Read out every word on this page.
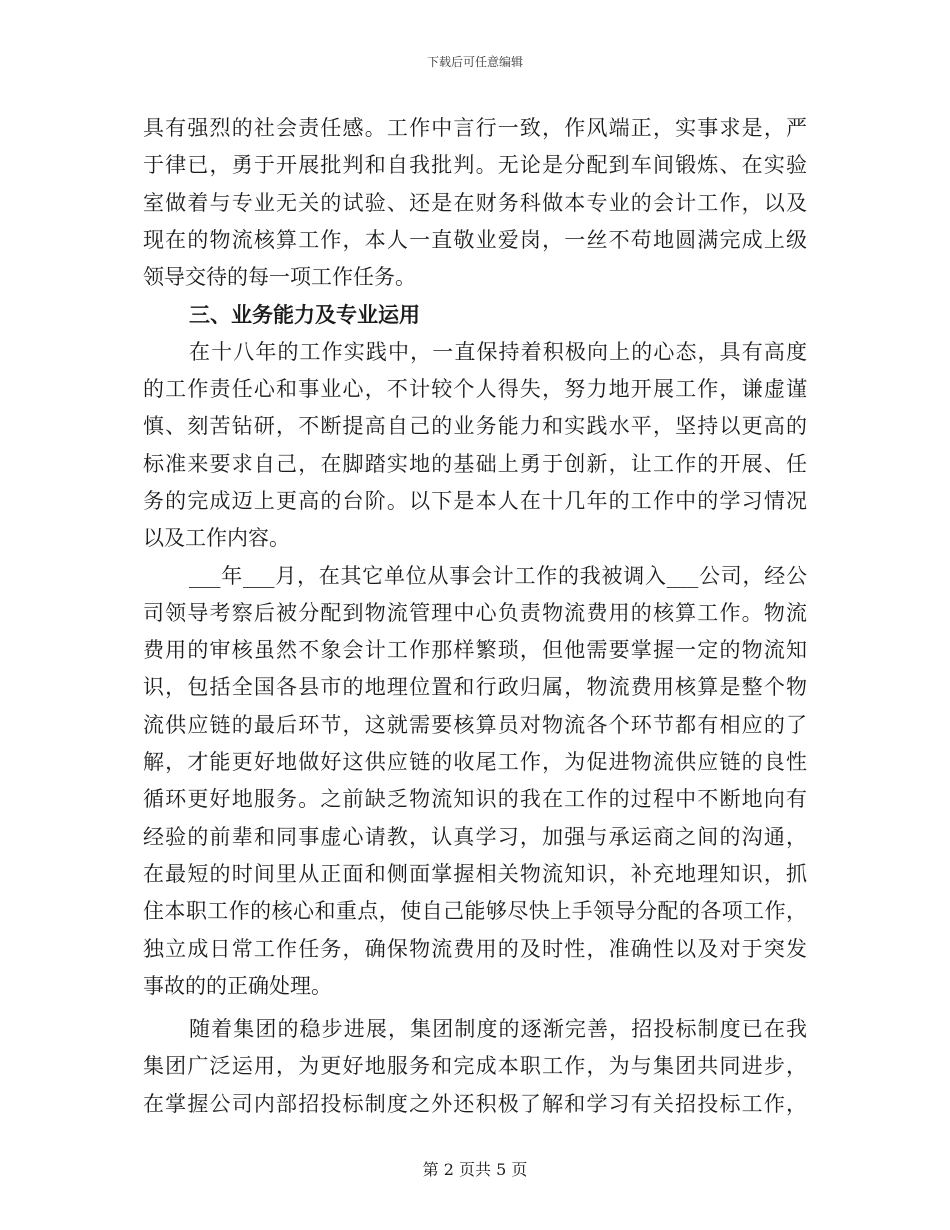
下载后可任意编辑
具有强烈的社会责任感。工作中言行一致，作风端正，实事求是，严
于律已，勇于开展批判和自我批判。无论是分配到车间锻炼、在实验
室做着与专业无关的试验、还是在财务科做本专业的会计工作，以及
现在的物流核算工作，本人一直敬业爱岗，一丝不苟地圆满完成上级
领导交待的每一项工作任务。
三、业务能力及专业运用
在十八年的工作实践中，一直保持着积极向上的心态，具有高度
的工作责任心和事业心，不计较个人得失，努力地开展工作，谦虚谨
慎、刻苦钻研，不断提高自己的业务能力和实践水平，坚持以更高的
标准来要求自己，在脚踏实地的基础上勇于创新，让工作的开展、任
务的完成迈上更高的台阶。以下是本人在十几年的工作中的学习情况
以及工作内容。
___年___月，在其它单位从事会计工作的我被调入___公司，经公
司领导考察后被分配到物流管理中心负责物流费用的核算工作。物流
费用的审核虽然不象会计工作那样繁琐，但他需要掌握一定的物流知
识，包括全国各县市的地理位置和行政归属，物流费用核算是整个物
流供应链的最后环节，这就需要核算员对物流各个环节都有相应的了
解，才能更好地做好这供应链的收尾工作，为促进物流供应链的良性
循环更好地服务。之前缺乏物流知识的我在工作的过程中不断地向有
经验的前辈和同事虚心请教，认真学习，加强与承运商之间的沟通，
在最短的时间里从正面和侧面掌握相关物流知识，补充地理知识，抓
住本职工作的核心和重点，使自己能够尽快上手领导分配的各项工作，
独立成日常工作任务，确保物流费用的及时性，准确性以及对于突发
事故的的正确处理。
随着集团的稳步进展，集团制度的逐渐完善，招投标制度已在我
集团广泛运用，为更好地服务和完成本职工作，为与集团共同进步，
在掌握公司内部招投标制度之外还积极了解和学习有关招投标工作，
第 2 页共 5 页
